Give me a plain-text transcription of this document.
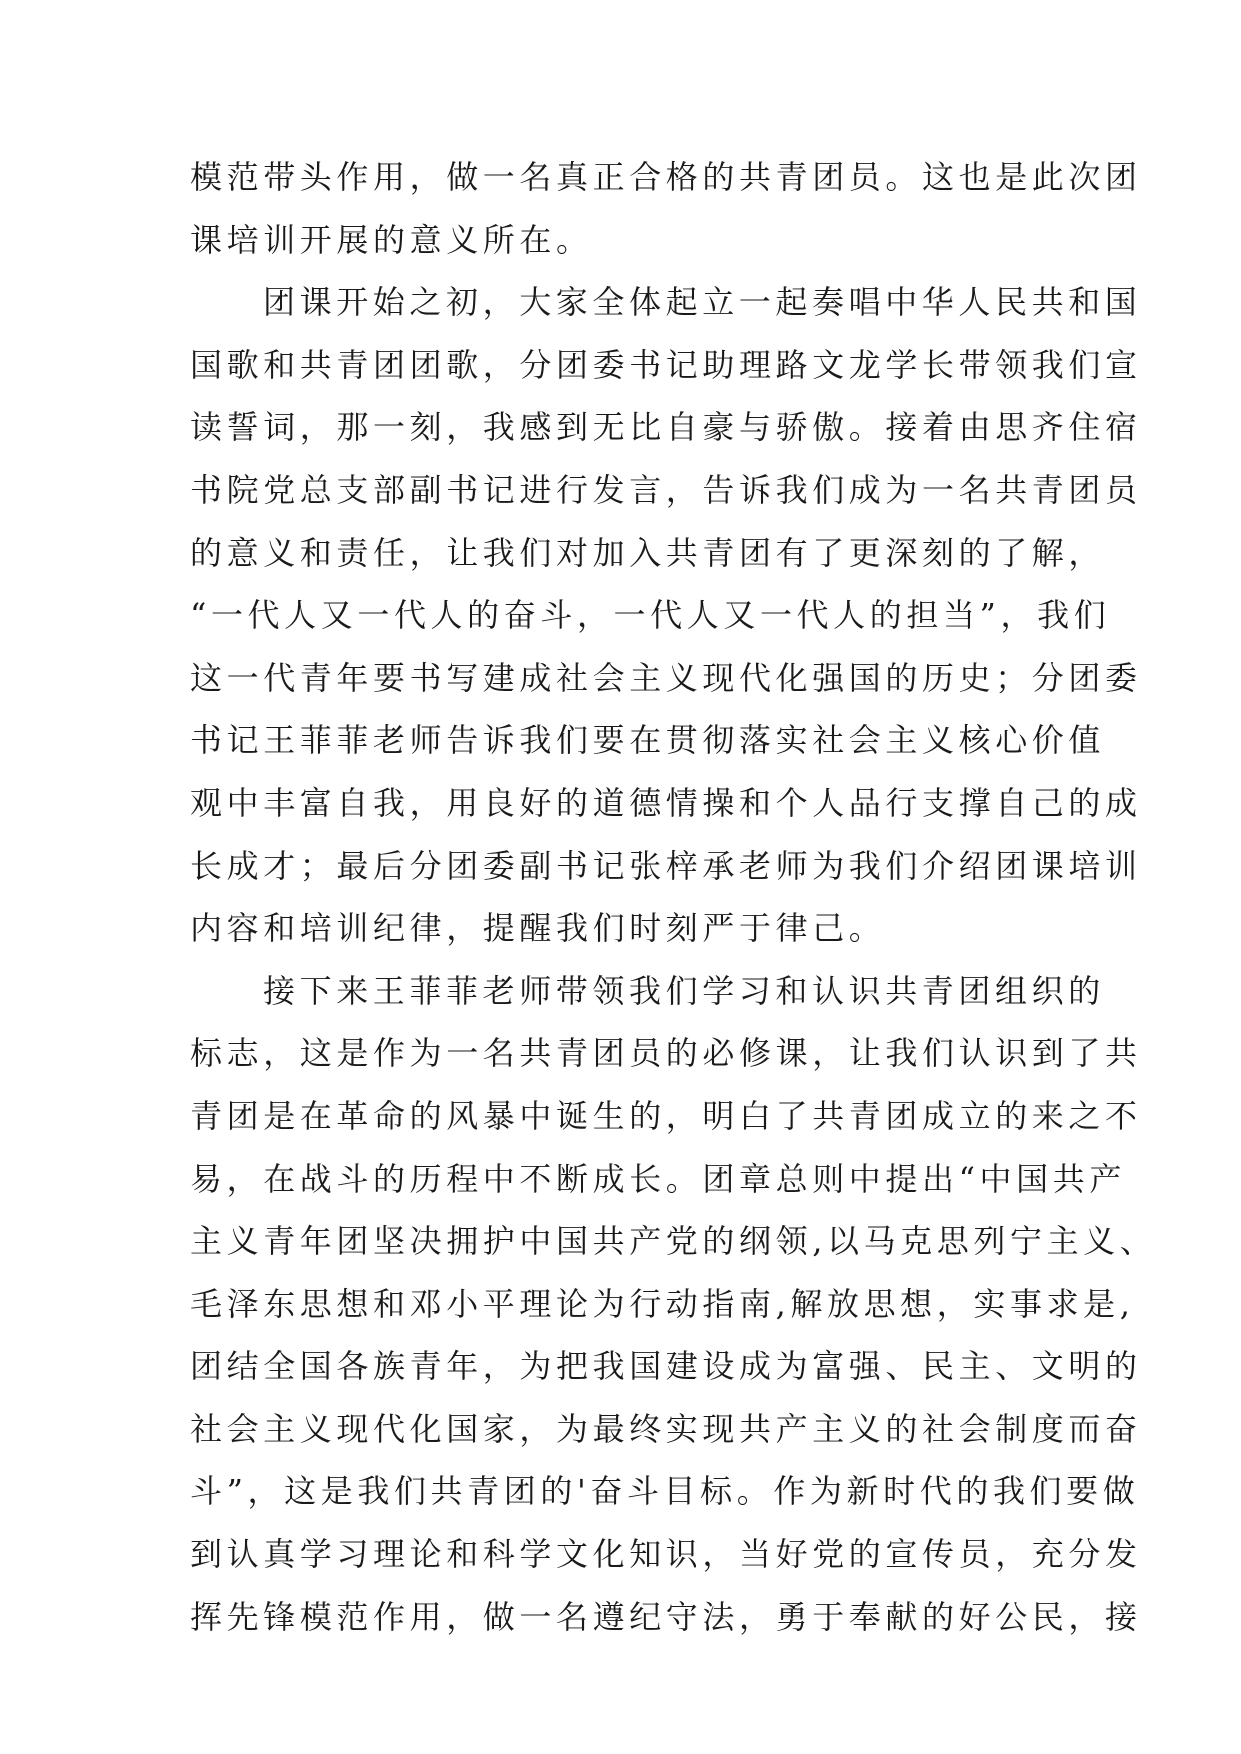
模范带头作用，做一名真正合格的共青团员。这也是此次团
课培训开展的意义所在。
团课开始之初，大家全体起立一起奏唱中华人民共和国
国歌和共青团团歌，分团委书记助理路文龙学长带领我们宣
读誓词，那一刻，我感到无比自豪与骄傲。接着由思齐住宿
书院党总支部副书记进行发言，告诉我们成为一名共青团员
的意义和责任，让我们对加入共青团有了更深刻的了解，
“一代人又一代人的奋斗，一代人又一代人的担当”，我们
这一代青年要书写建成社会主义现代化强国的历史；分团委
书记王菲菲老师告诉我们要在贯彻落实社会主义核心价值
观中丰富自我，用良好的道德情操和个人品行支撑自己的成
长成才；最后分团委副书记张梓承老师为我们介绍团课培训
内容和培训纪律，提醒我们时刻严于律己。
接下来王菲菲老师带领我们学习和认识共青团组织的
标志，这是作为一名共青团员的必修课，让我们认识到了共
青团是在革命的风暴中诞生的，明白了共青团成立的来之不
易，在战斗的历程中不断成长。团章总则中提出“中国共产
主义青年团坚决拥护中国共产党的纲领,以马克思列宁主义、
毛泽东思想和邓小平理论为行动指南,解放思想，实事求是,
团结全国各族青年，为把我国建设成为富强、民主、文明的
社会主义现代化国家，为最终实现共产主义的社会制度而奋
斗”，这是我们共青团的'奋斗目标。作为新时代的我们要做
到认真学习理论和科学文化知识，当好党的宣传员，充分发
挥先锋模范作用，做一名遵纪守法，勇于奉献的好公民，接
